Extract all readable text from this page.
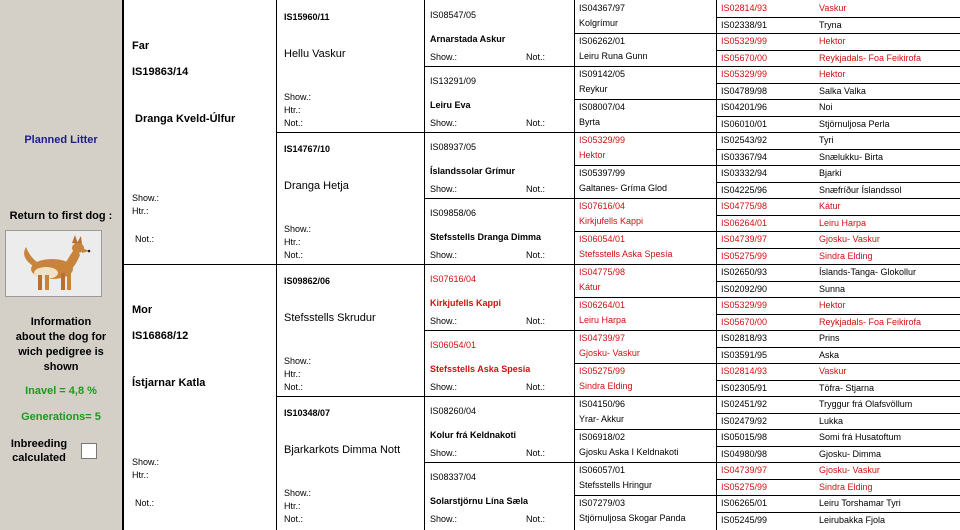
Planned Litter
Return to first dog :
Information
about the dog for
wich pedigree is
shown
Inavel = 4,8 %
Generations= 5
Inbreeding
calculated
Far
IS19863/14
Dranga Kveld-Úlfur
Show.:
Htr.:
Not.:
Mor
IS16868/12
Ístjarnar Katla
Show.:
Htr.:
Not.:
IS15960/11
Hellu Vaskur
Show.:
Htr.:
Not.:
IS14767/10
Dranga Hetja
Show.:
Htr.:
Not.:
IS09862/06
Stefsstells Skrudur
Show.:
Htr.:
Not.:
IS10348/07
Bjarkarkots Dimma Nott
Show.:
Htr.:
Not.:
IS08547/05
Arnarstada Askur
Show.:	Not.:
IS13291/09
Leiru Eva
Show.:	Not.:
IS08937/05
Íslandssolar Grímur
Show.:	Not.:
IS09858/06
Stefsstells Dranga Dimma
Show.:	Not.:
IS07616/04
Kirkjufells Kappi
Show.:	Not.:
IS06054/01
Stefsstells Aska Spesía
Show.:	Not.:
IS08260/04
Kolur frá Keldnakoti
Show.:	Not.:
IS08337/04
Solarstjörnu Lína Sæla
Show.:	Not.:
IS04367/97
Kolgrímur
IS06262/01
Leiru Runa Gunn
IS09142/05
Reykur
IS08007/04
Byrta
IS05329/99
Hektor
IS05397/99
Galtanes- Gríma Glod
IS07616/04
Kirkjufells Kappi
IS06054/01
Stefsstells Aska Spesía
IS04775/98
Kátur
IS06264/01
Leiru Harpa
IS04739/97
Gjosku- Vaskur
IS05275/99
Sindra Elding
IS04150/96
Yrar- Akkur
IS06918/02
Gjosku Aska I Keldnakoti
IS06057/01
Stefsstells Hringur
IS07279/03
Stjörnuljosa Skogar Panda
IS02814/93	Vaskur
IS02338/91	Tryna
IS05329/99	Hektor
IS05670/00	Reykjadals- Foa Feikirofa
IS05329/99	Hektor
IS04789/98	Salka Valka
IS04201/96	Noi
IS06010/01	Stjörnuljosa Perla
IS02543/92	Tyri
IS03367/94	Snælukku- Birta
IS03332/94	Bjarki
IS04225/96	Snæfríður Íslandssol
IS04775/98	Kátur
IS06264/01	Leiru Harpa
IS04739/97	Gjosku- Vaskur
IS05275/99	Sindra Elding
IS02650/93	Íslands-Tanga- Glokollur
IS02092/90	Sunna
IS05329/99	Hektor
IS05670/00	Reykjadals- Foa Feikirofa
IS02818/93	Prins
IS03591/95	Aska
IS02814/93	Vaskur
IS02305/91	Töfra- Stjarna
IS02451/92	Tryggur frá Olafsvöllum
IS02479/92	Lukka
IS05015/98	Somi frá Husatoftum
IS04980/98	Gjosku- Dimma
IS04739/97	Gjosku- Vaskur
IS05275/99	Sindra Elding
IS06265/01	Leiru Torshamar Tyri
IS05245/99	Leirubakka Fjola
